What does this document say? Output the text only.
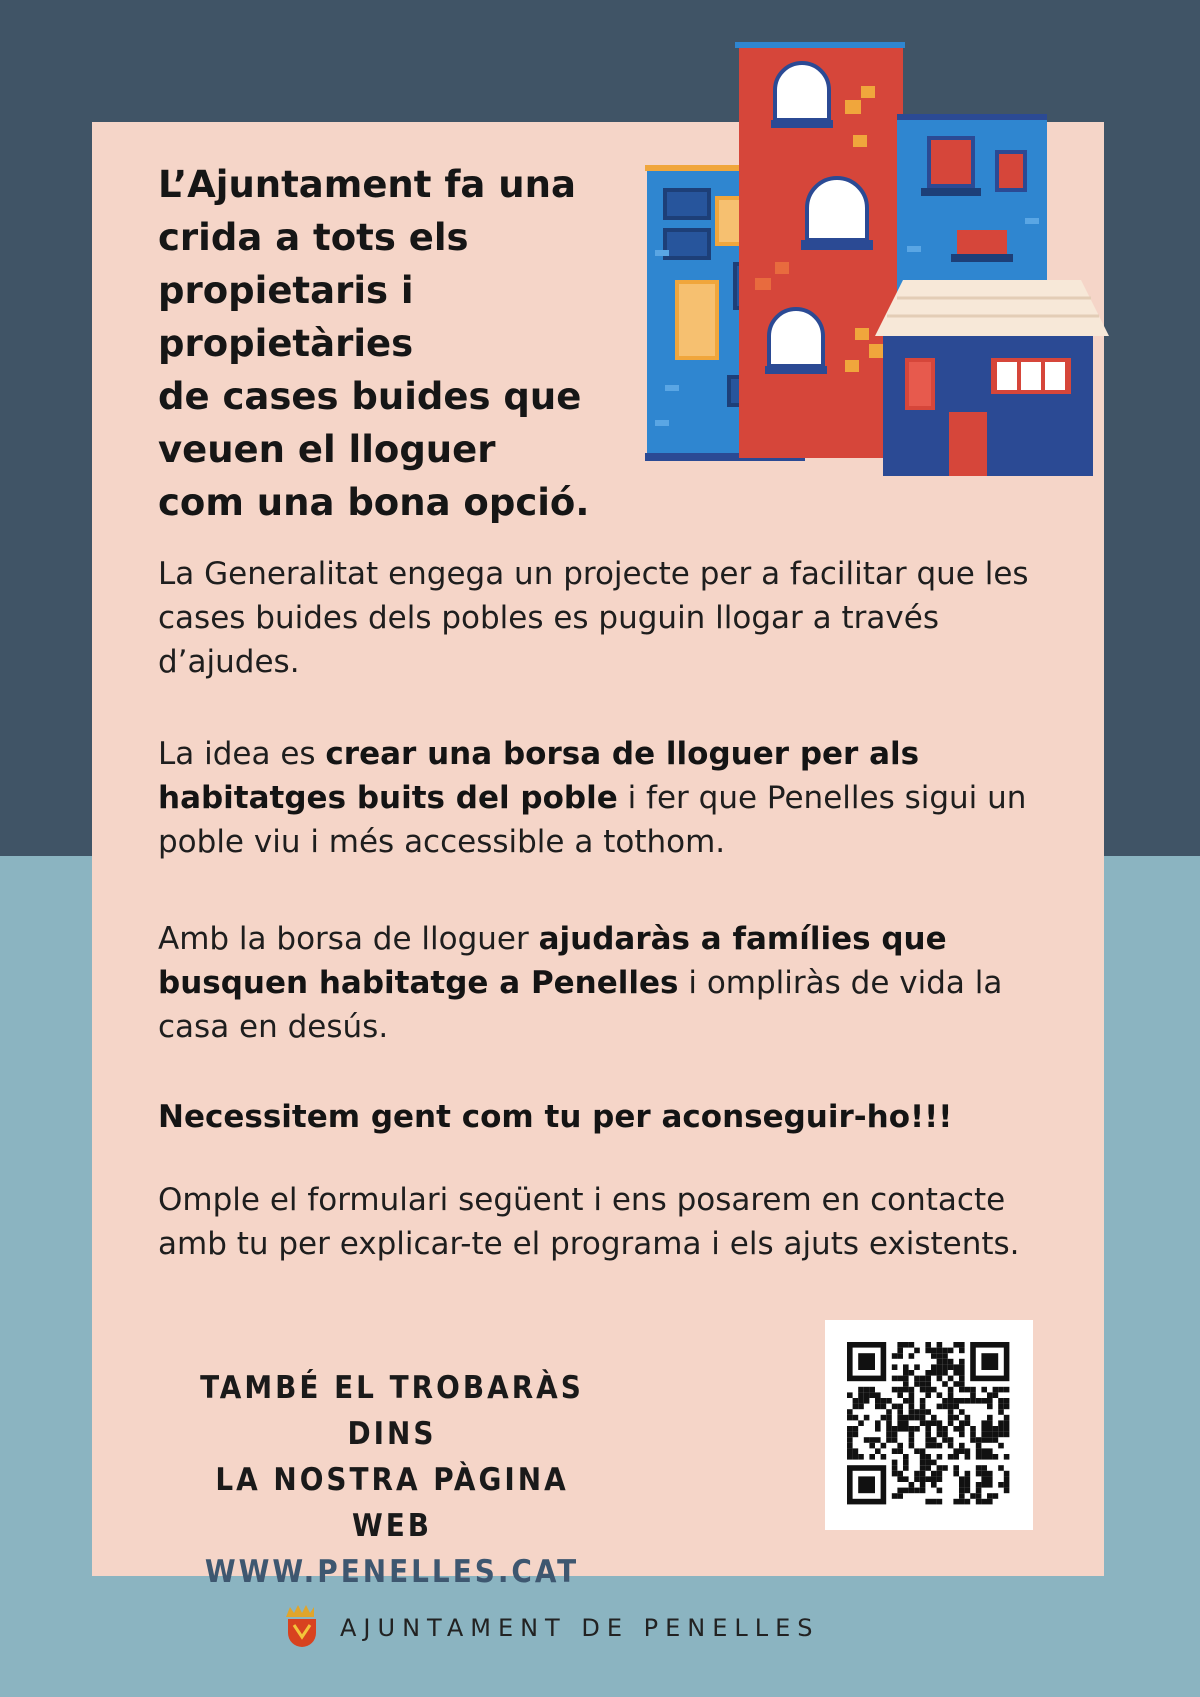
L’Ajuntament fa una
crida a tots els
propietaris i
propietàries
de cases buides que
veuen el lloguer
com una bona opció.
La Generalitat engega un projecte per a facilitar que les cases buides dels pobles es puguin llogar a través d’ajudes.
La idea es crear una borsa de lloguer per als habitatges buits del poble i fer que Penelles sigui un poble viu i més accessible a tothom.
Amb la borsa de lloguer ajudaràs a famílies que busquen habitatge a Penelles i ompliràs de vida la casa en desús.
Necessitem gent com tu per aconseguir-ho!!!
Omple el formulari següent i ens posarem en contacte amb tu per explicar-te el programa i els ajuts existents.
TAMBÉ EL TROBARÀS DINS
LA NOSTRA PÀGINA WEB
WWW.PENELLES.CAT
AJUNTAMENT DE PENELLES
